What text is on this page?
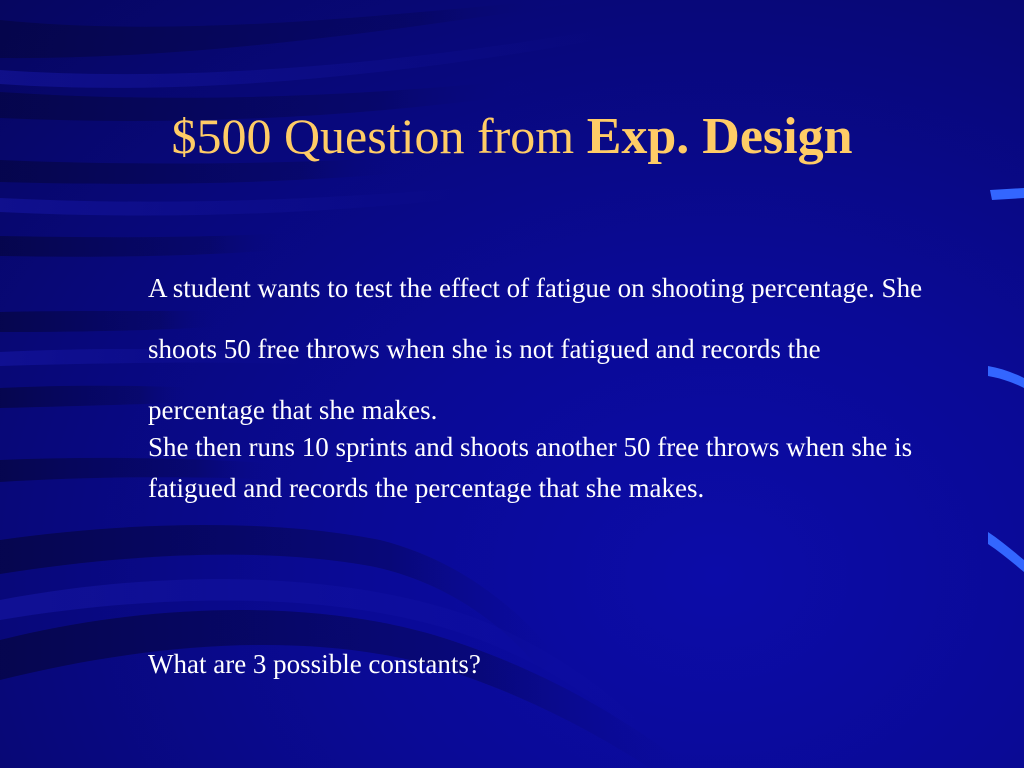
$500 Question from Exp. Design

A student wants to test the effect of fatigue on shooting percentage. She shoots 50 free throws when she is not fatigued and records the percentage that she makes.

She then runs 10 sprints and shoots another 50 free throws when she is fatigued and records the percentage that she makes.

What are 3 possible constants?
